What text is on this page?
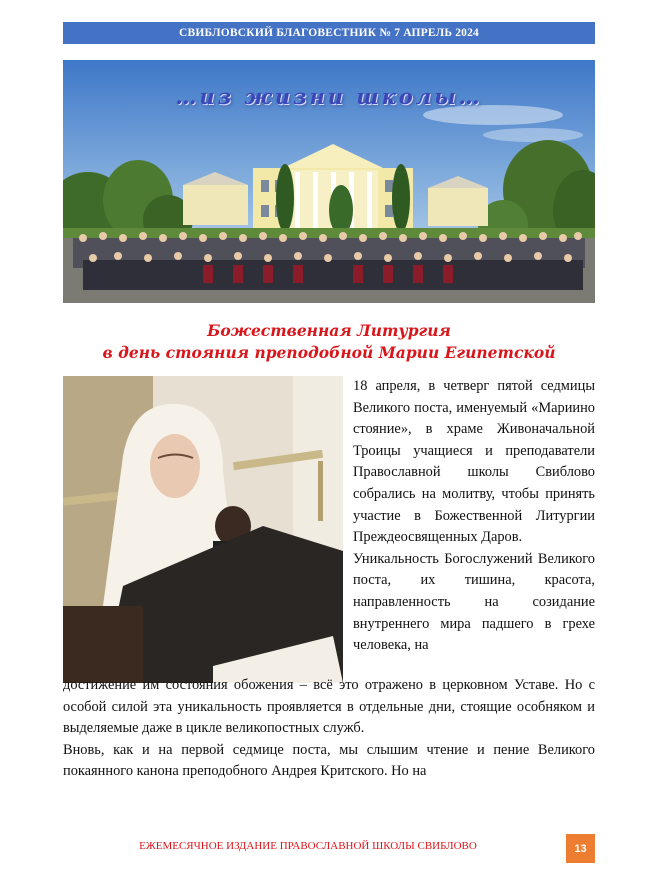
СВИБЛОВСКИЙ БЛАГОВЕСТНИК № 7 АПРЕЛЬ 2024
…из жизни школы…
Божественная Литургия
в день стояния преподобной Марии Египетской

18 апреля, в четверг пятой седмицы Великого поста, именуемый «Мариино стояние», в храме Живоначальной Троицы учащиеся и преподаватели Православной школы Свиблово собрались на молитву, чтобы принять участие в Божественной Литургии Преждеосвященных Даров.

Уникальность Богослужений Великого поста, их тишина, красота, направленность на созидание внутреннего мира падшего в грехе человека, на

достижение им состояния обожения – всё это отражено в церковном Уставе. Но с особой силой эта уникальность проявляется в отдельные дни, стоящие особняком и выделяемые даже в цикле великопостных служб.

Вновь, как и на первой седмице поста, мы слышим чтение и пение Великого покаянного канона преподобного Андрея Критского. Но на

ЕЖЕМЕСЯЧНОЕ ИЗДАНИЕ ПРАВОСЛАВНОЙ ШКОЛЫ СВИБЛОВО	13
